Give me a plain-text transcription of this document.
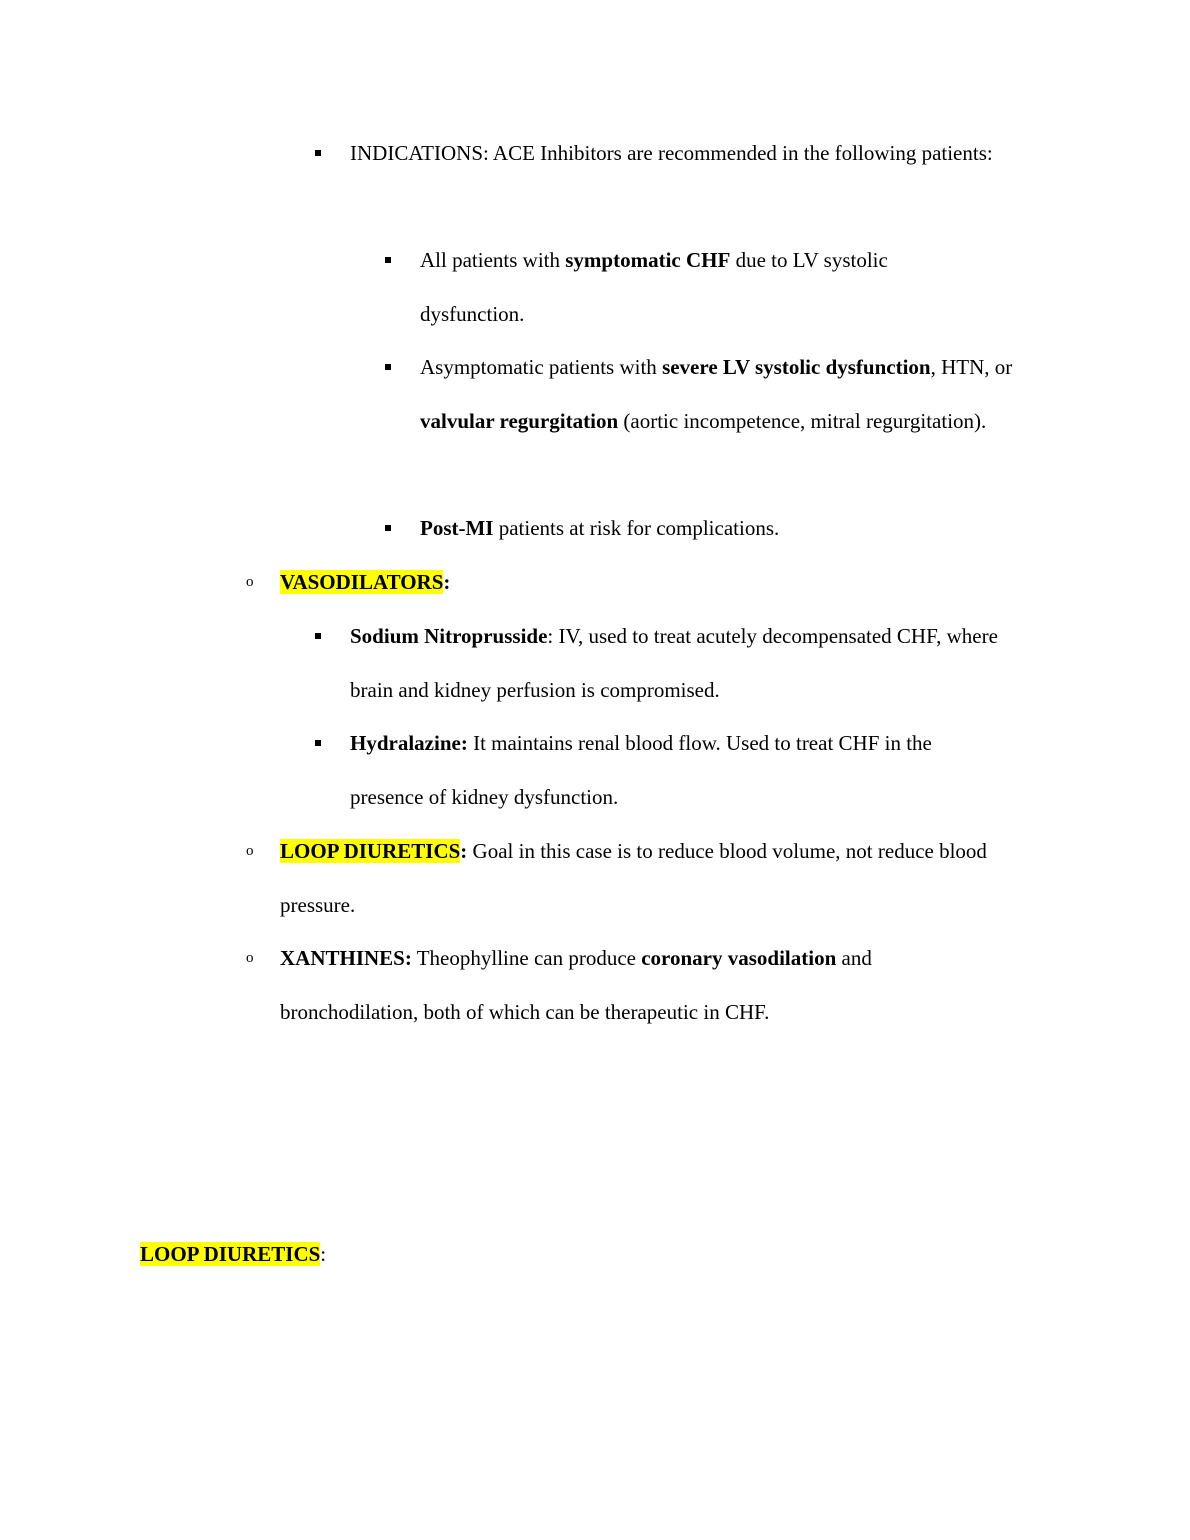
INDICATIONS: ACE Inhibitors are recommended in the following patients:
All patients with symptomatic CHF due to LV systolic dysfunction.
Asymptomatic patients with severe LV systolic dysfunction, HTN, or valvular regurgitation (aortic incompetence, mitral regurgitation).
Post-MI patients at risk for complications.
o VASODILATORS:
Sodium Nitroprusside: IV, used to treat acutely decompensated CHF, where brain and kidney perfusion is compromised.
Hydralazine: It maintains renal blood flow. Used to treat CHF in the presence of kidney dysfunction.
o LOOP DIURETICS: Goal in this case is to reduce blood volume, not reduce blood pressure.
o XANTHINES: Theophylline can produce coronary vasodilation and bronchodilation, both of which can be therapeutic in CHF.
LOOP DIURETICS:
